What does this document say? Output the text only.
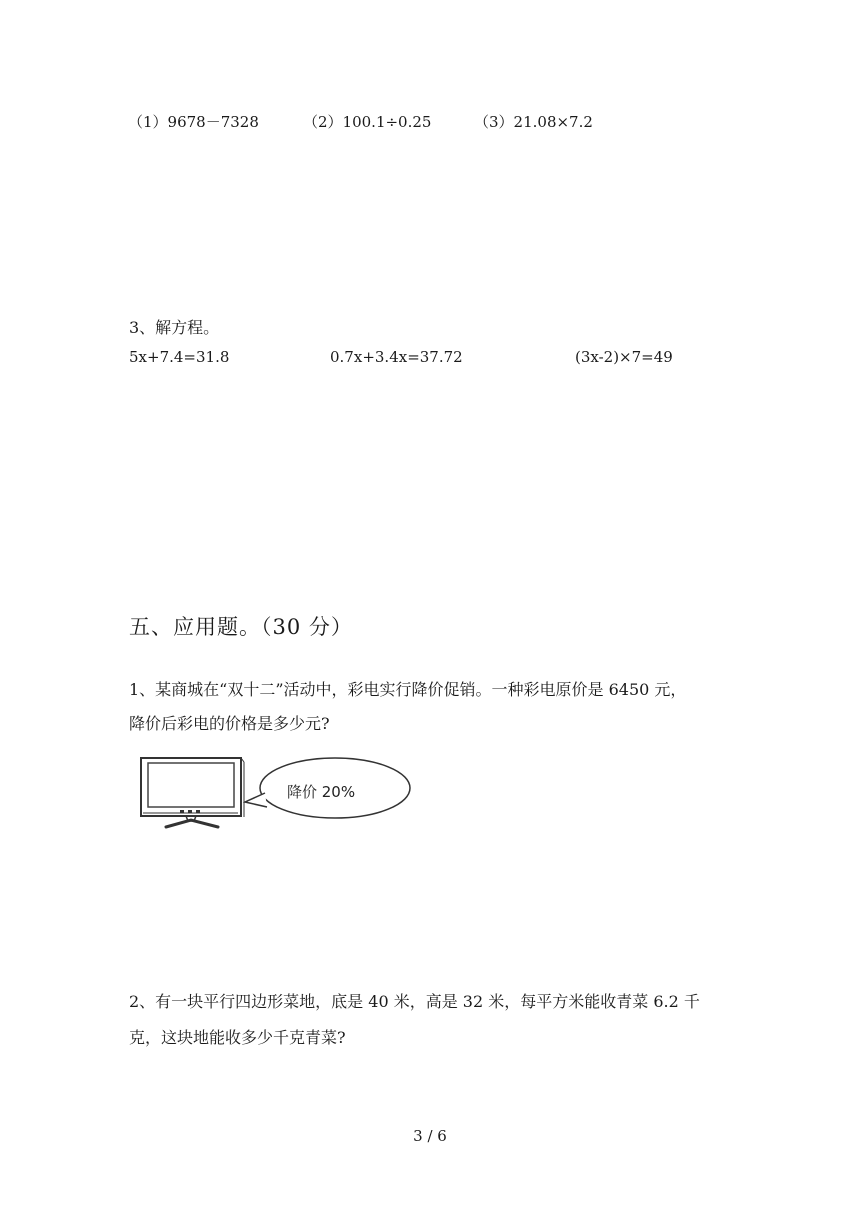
（1）9678－7328	（2）100.1÷0.25	（3）21.08×7.2
3、解方程。
5x+7.4=31.8	0.7x+3.4x=37.72	(3x-2)×7=49
五、应用题。（30 分）
1、某商城在“双十二”活动中，彩电实行降价促销。一种彩电原价是 6450 元，
降价后彩电的价格是多少元?
降价 20%
2、有一块平行四边形菜地，底是 40 米，高是 32 米，每平方米能收青菜 6.2 千
克，这块地能收多少千克青菜?
3 / 6
